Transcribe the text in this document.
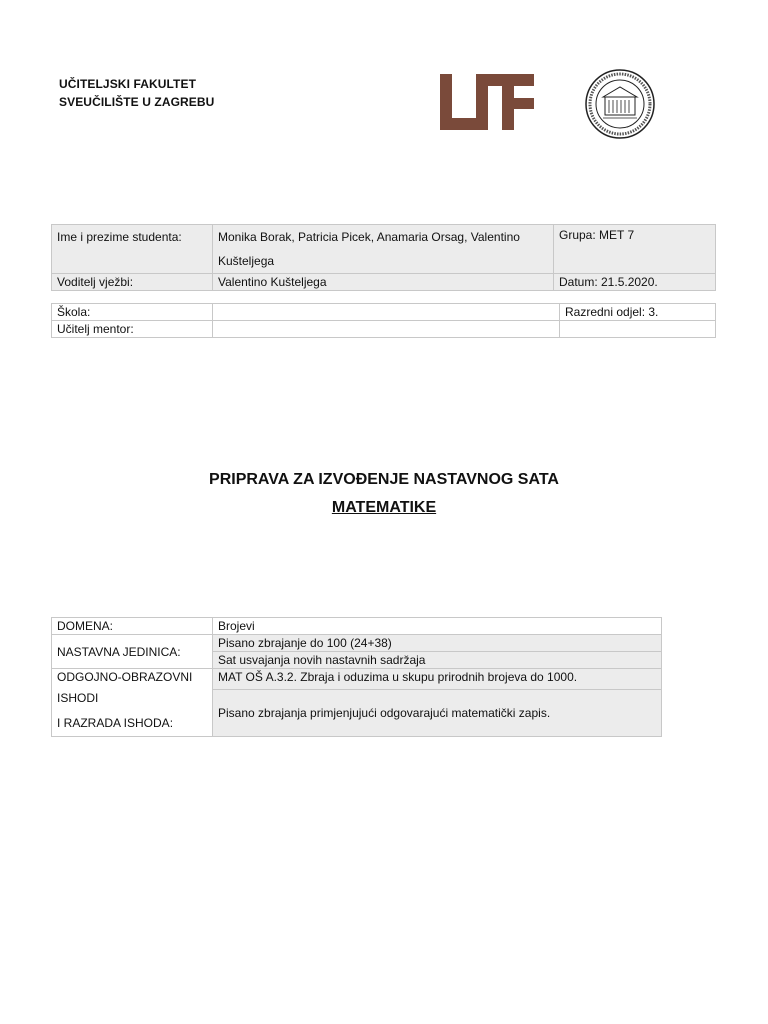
UČITELJSKI FAKULTET
SVEUČILIŠTE U ZAGREBU
Ime i prezime studenta:	Monika Borak, Patricia Picek, Anamaria Orsag, Valentino Kušteljega	Grupa: MET 7
Voditelj vježbi:	Valentino Kušteljega	Datum: 21.5.2020.
Škola:		Razredni odjel: 3.
Učitelj mentor:		
PRIPRAVA ZA IZVOĐENJE NASTAVNOG SATA
MATEMATIKE
DOMENA:	Brojevi
NASTAVNA JEDINICA:	Pisano zbrajanje do 100 (24+38)
	Sat usvajanja novih nastavnih sadržaja

ODGOJNO-OBRAZOVNI
ISHODI
I RAZRADA ISHODA:	MAT OŠ A.3.2. Zbraja i oduzima u skupu prirodnih brojeva do 1000.
	Pisano zbrajanja primjenjujući odgovarajući matematički zapis.
